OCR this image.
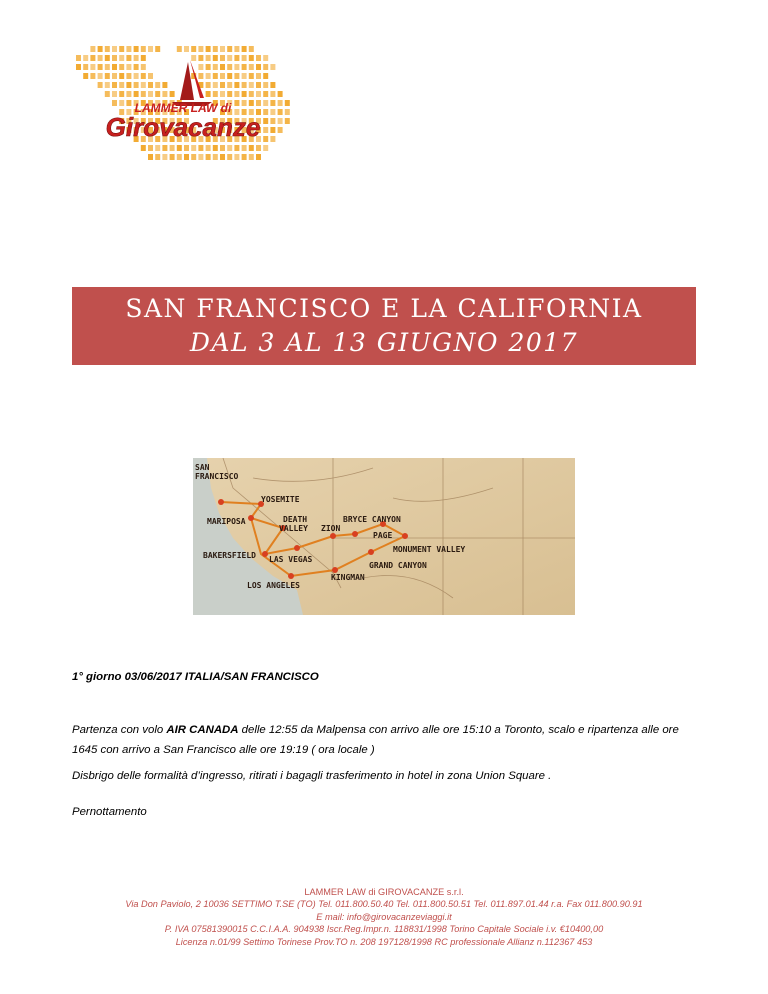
LAMMER LAW di
Girovacanze
SAN FRANCISCO E LA CALIFORNIA
DAL 3 AL 13 GIUGNO 2017
SAN FRANCISCO
YOSEMITE
MARIPOSA	DEATH VALLEY ZION
BRYCE CANYON
PAGE
MONUMENT VALLEY
BAKERSFIELD LAS VEGAS
GRAND CANYON
KINGMAN
LOS ANGELES
1° giorno 03/06/2017 ITALIA/SAN FRANCISCO
Partenza con volo AIR CANADA delle 12:55 da Malpensa con arrivo alle ore 15:10 a Toronto, scalo e ripartenza alle ore 1645 con arrivo a San Francisco alle ore 19:19 ( ora locale )
Disbrigo delle formalità d’ingresso, ritirati i bagagli trasferimento in hotel in zona Union Square .
Pernottamento
LAMMER LAW di GIROVACANZE s.r.l.
Via Don Paviolo, 2 10036 SETTIMO T.SE (TO) Tel. 011.800.50.40 Tel. 011.800.50.51 Tel. 011.897.01.44 r.a. Fax 011.800.90.91
E mail: info@girovacanzeviaggi.it
P. IVA 07581390015 C.C.I.A.A. 904938 Iscr.Reg.Impr.n. 118831/1998 Torino Capitale Sociale i.v. €10400,00
Licenza n.01/99 Settimo Torinese Prov.TO n. 208 197128/1998 RC professionale Allianz n.112367 453
